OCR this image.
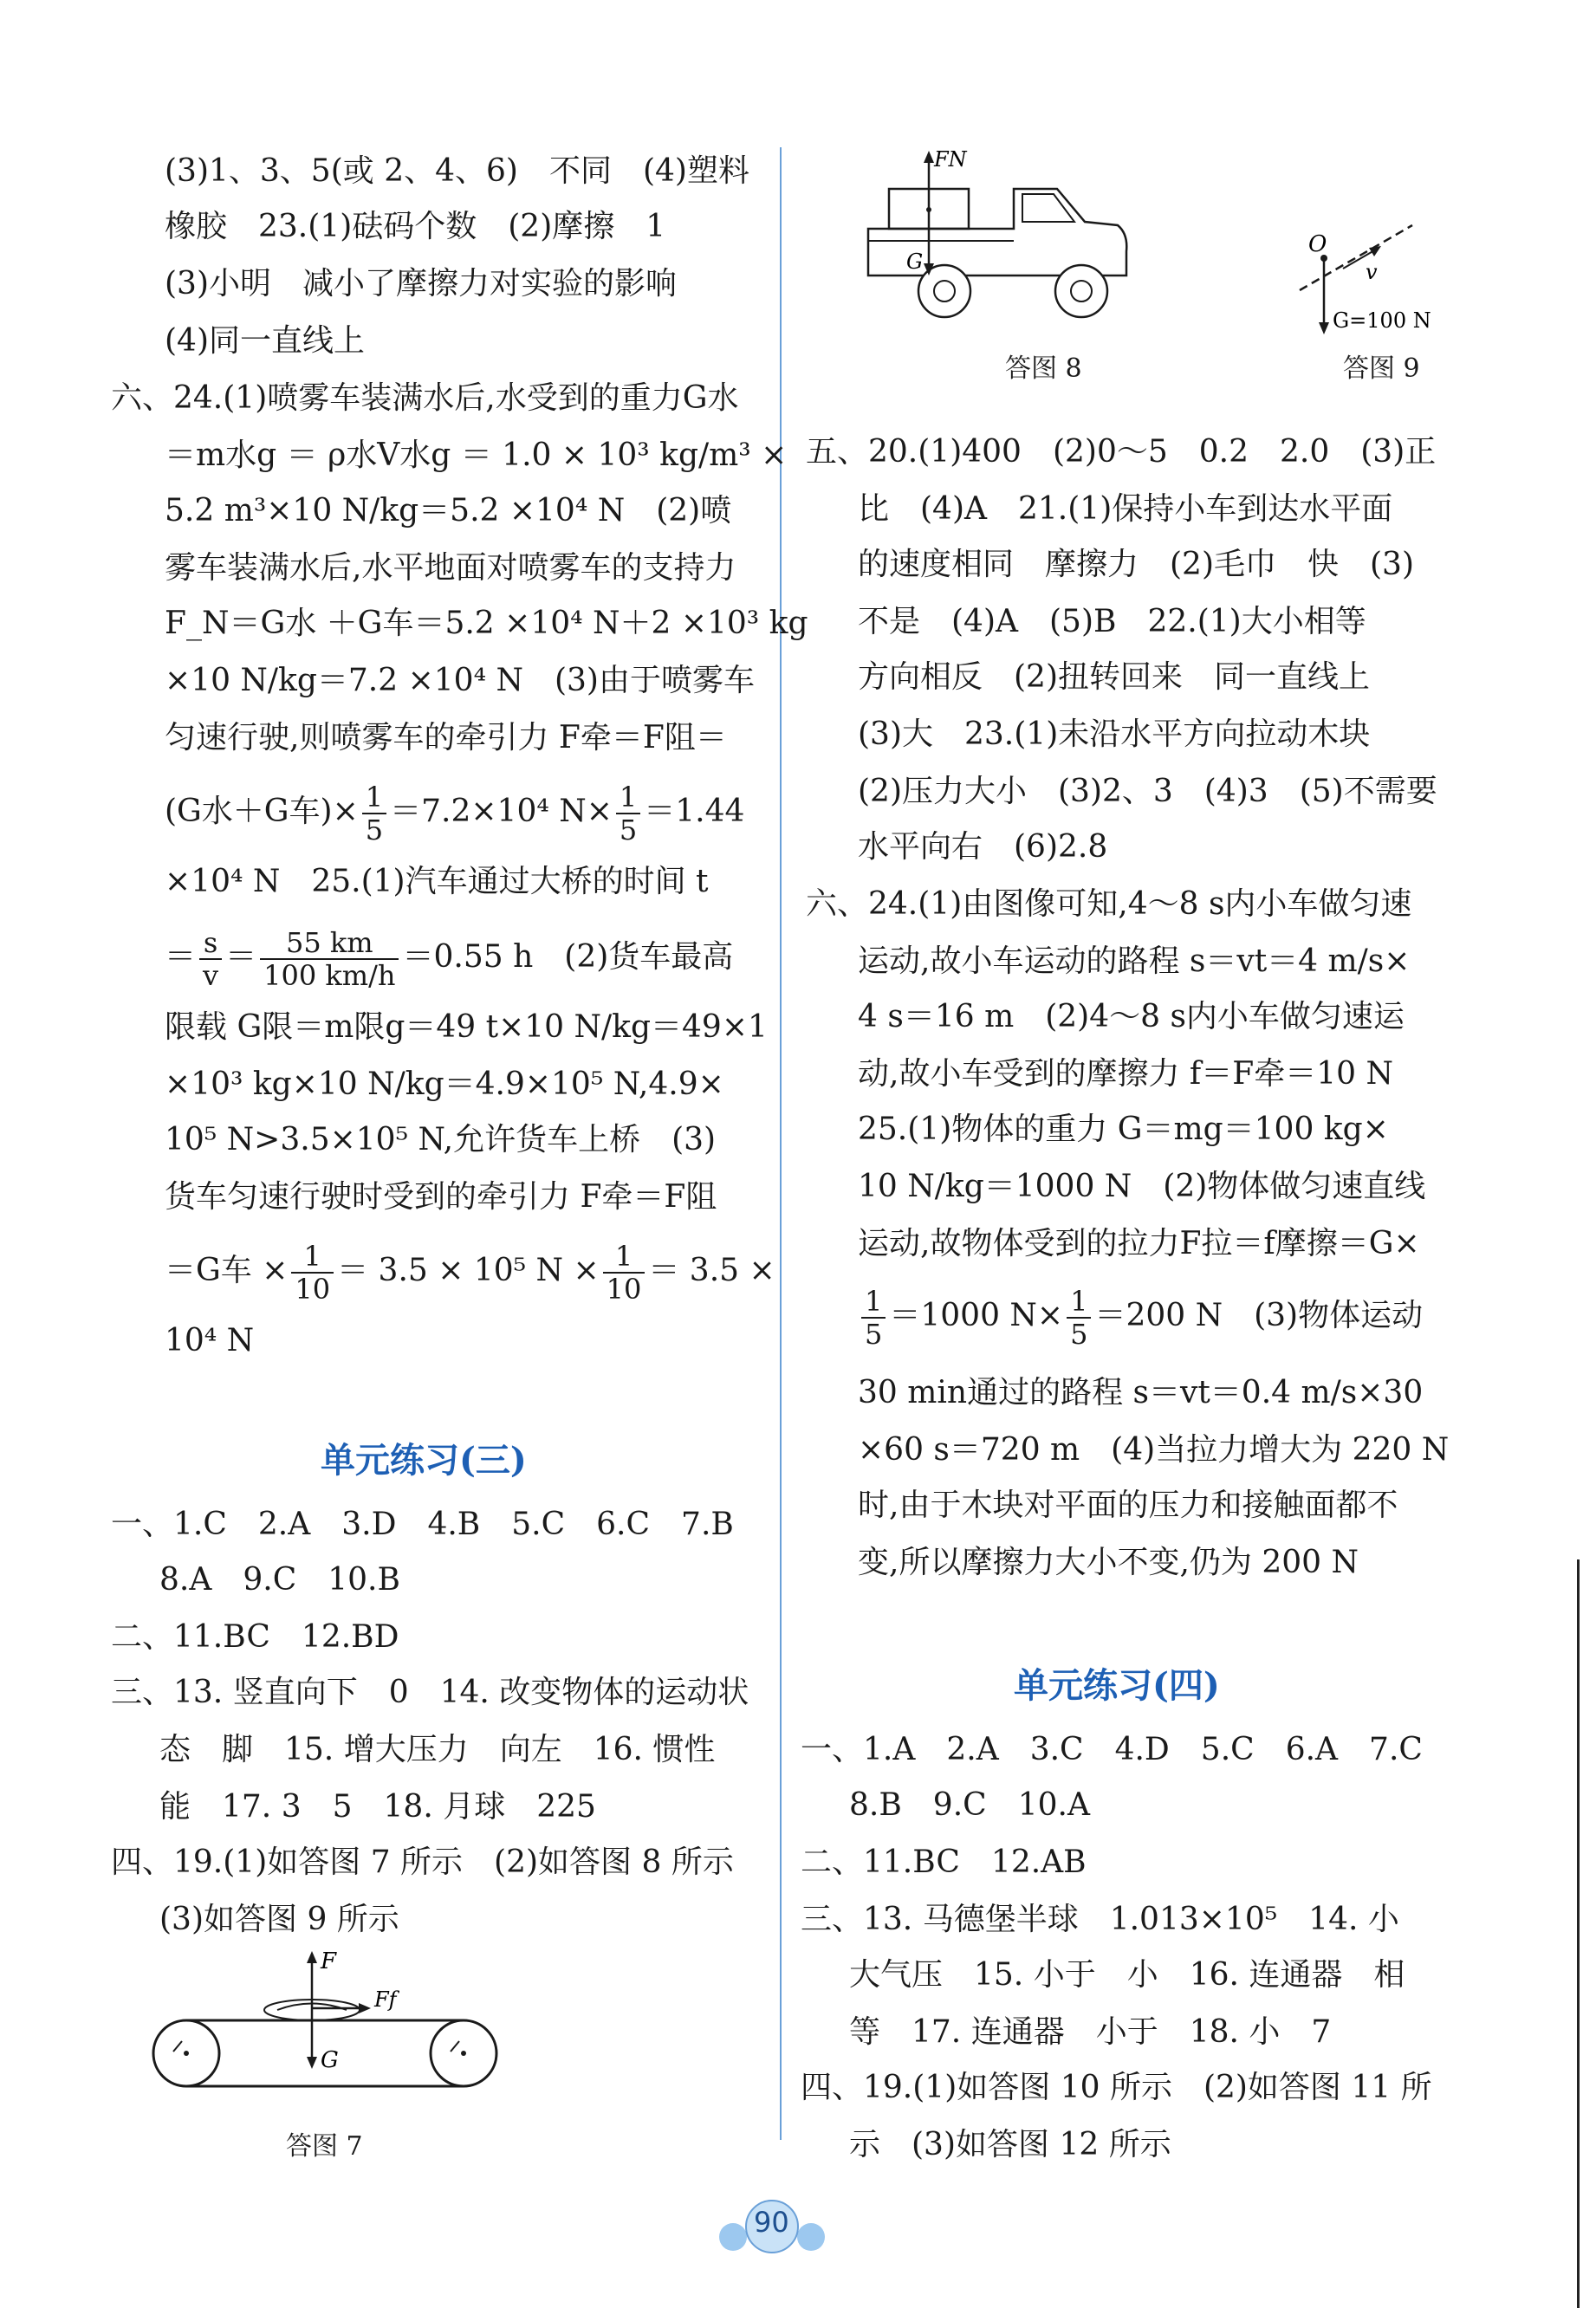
(3)1、3、5(或 2、4、6)　不同　(4)塑料
橡胶　23.(1)砝码个数　(2)摩擦　1
(3)小明　减小了摩擦力对实验的影响
(4)同一直线上
六、24.(1)喷雾车装满水后,水受到的重力G水
＝m水g ＝ ρ水V水g ＝ 1.0 × 10³ kg/m³ ×
5.2 m³×10 N/kg＝5.2 ×10⁴ N　(2)喷
雾车装满水后,水平地面对喷雾车的支持力
F_N＝G水 ＋G车＝5.2 ×10⁴ N＋2 ×10³ kg
×10 N/kg＝7.2 ×10⁴ N　(3)由于喷雾车
匀速行驶,则喷雾车的牵引力 F牵＝F阻＝
(G水＋G车)× $\frac{1}{5} =7.2\times 10^4$ $N\times \frac{1}{5} =1.44$
×10⁴ N　25.(1)汽车通过大桥的时间 t
＝ $\frac{s}{v} = \frac{55 km}{100 km/h} =0.55$ h　(2)货车最高
限载 G限＝m限g＝49 t×10 N/kg＝49×1
×10³ kg×10 N/kg＝4.9×10⁵ N,4.9×
10⁵ N>3.5×10⁵ N,允许货车上桥　(3)
货车匀速行驶时受到的牵引力 F牵＝F阻
＝G车 × $\frac{1}{10} = 3.5 \times 10^5$ $N \times \frac{1}{10} = 3.5$ ×
10⁴ N
单元练习(三)
一、1.C　2.A　3.D　4.B　5.C　6.C　7.B
8.A　9.C　10.B
二、11.BC　12.BD
三、13. 竖直向下　0　14. 改变物体的运动状
态　脚　15. 增大压力　向左　16. 惯性
能　17. 3　5　18. 月球　225
四、19.(1)如答图 7 所示　(2)如答图 8 所示
(3)如答图 9 所示
F
Ff
G
答图 7
FN
G
答图 8
O
v
G=100 N
答图 9
五、20.(1)400　(2)0～5　0.2　2.0　(3)正
比　(4)A　21.(1)保持小车到达水平面
的速度相同　摩擦力　(2)毛巾　快　(3)
不是　(4)A　(5)B　22.(1)大小相等
方向相反　(2)扭转回来　同一直线上
(3)大　23.(1)未沿水平方向拉动木块
(2)压力大小　(3)2、3　(4)3　(5)不需要
水平向右　(6)2.8
六、24.(1)由图像可知,4～8 s内小车做匀速
运动,故小车运动的路程 s＝vt＝4 m/s×
4 s＝16 m　(2)4～8 s内小车做匀速运
动,故小车受到的摩擦力 f＝F牵＝10 N
25.(1)物体的重力 G＝mg＝100 kg×
10 N/kg＝1000 N　(2)物体做匀速直线
运动,故物体受到的拉力F拉＝f摩擦＝G×
$\frac{1}{5} =1000$ $N\times \frac{1}{5} =200$ N　(3)物体运动
30 min通过的路程 s＝vt＝0.4 m/s×30
×60 s＝720 m　(4)当拉力增大为 220 N
时,由于木块对平面的压力和接触面都不
变,所以摩擦力大小不变,仍为 200 N
单元练习(四)
一、1.A　2.A　3.C　4.D　5.C　6.A　7.C
8.B　9.C　10.A
二、11.BC　12.AB
三、13. 马德堡半球　1.013×10⁵　14. 小
大气压　15. 小于　小　16. 连通器　相
等　17. 连通器　小于　18. 小　7
四、19.(1)如答图 10 所示　(2)如答图 11 所
示　(3)如答图 12 所示
90
